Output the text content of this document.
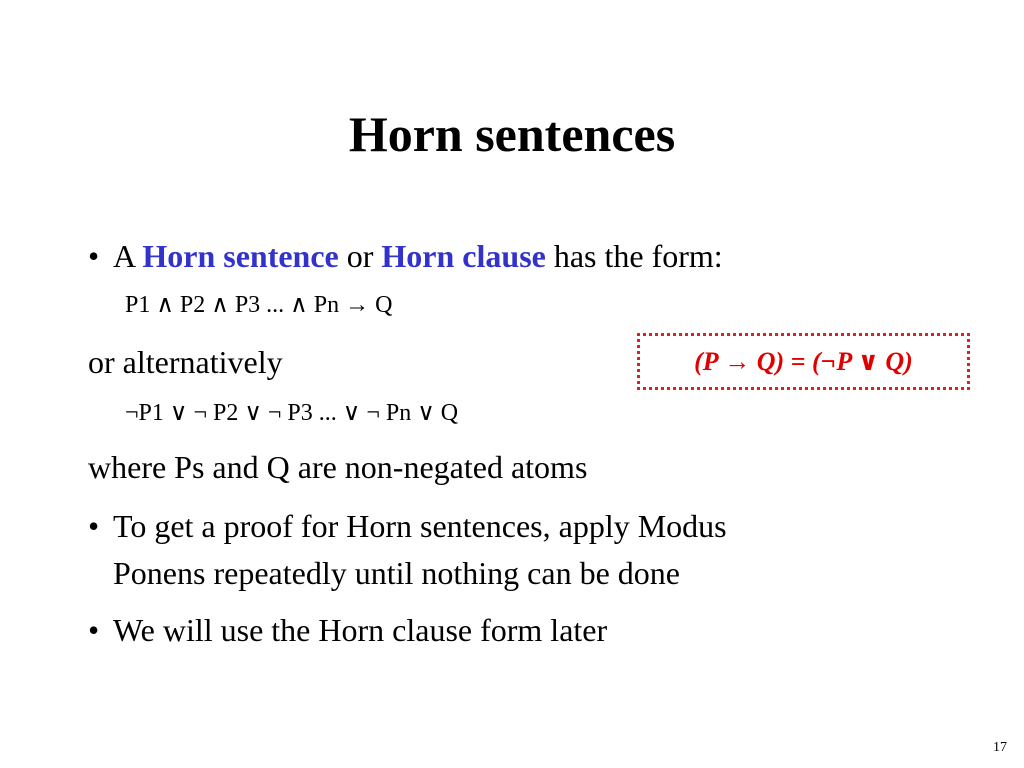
Horn sentences
• A Horn sentence or Horn clause has the form:
P1 ∧ P2 ∧ P3 ... ∧ Pn → Q
or alternatively	(P → Q) = (¬P ∨ Q)
¬P1 ∨ ¬ P2 ∨ ¬ P3 ... ∨ ¬ Pn ∨ Q
where Ps and Q are non-negated atoms
• To get a proof for Horn sentences, apply Modus
Ponens repeatedly until nothing can be done
• We will use the Horn clause form later
17
